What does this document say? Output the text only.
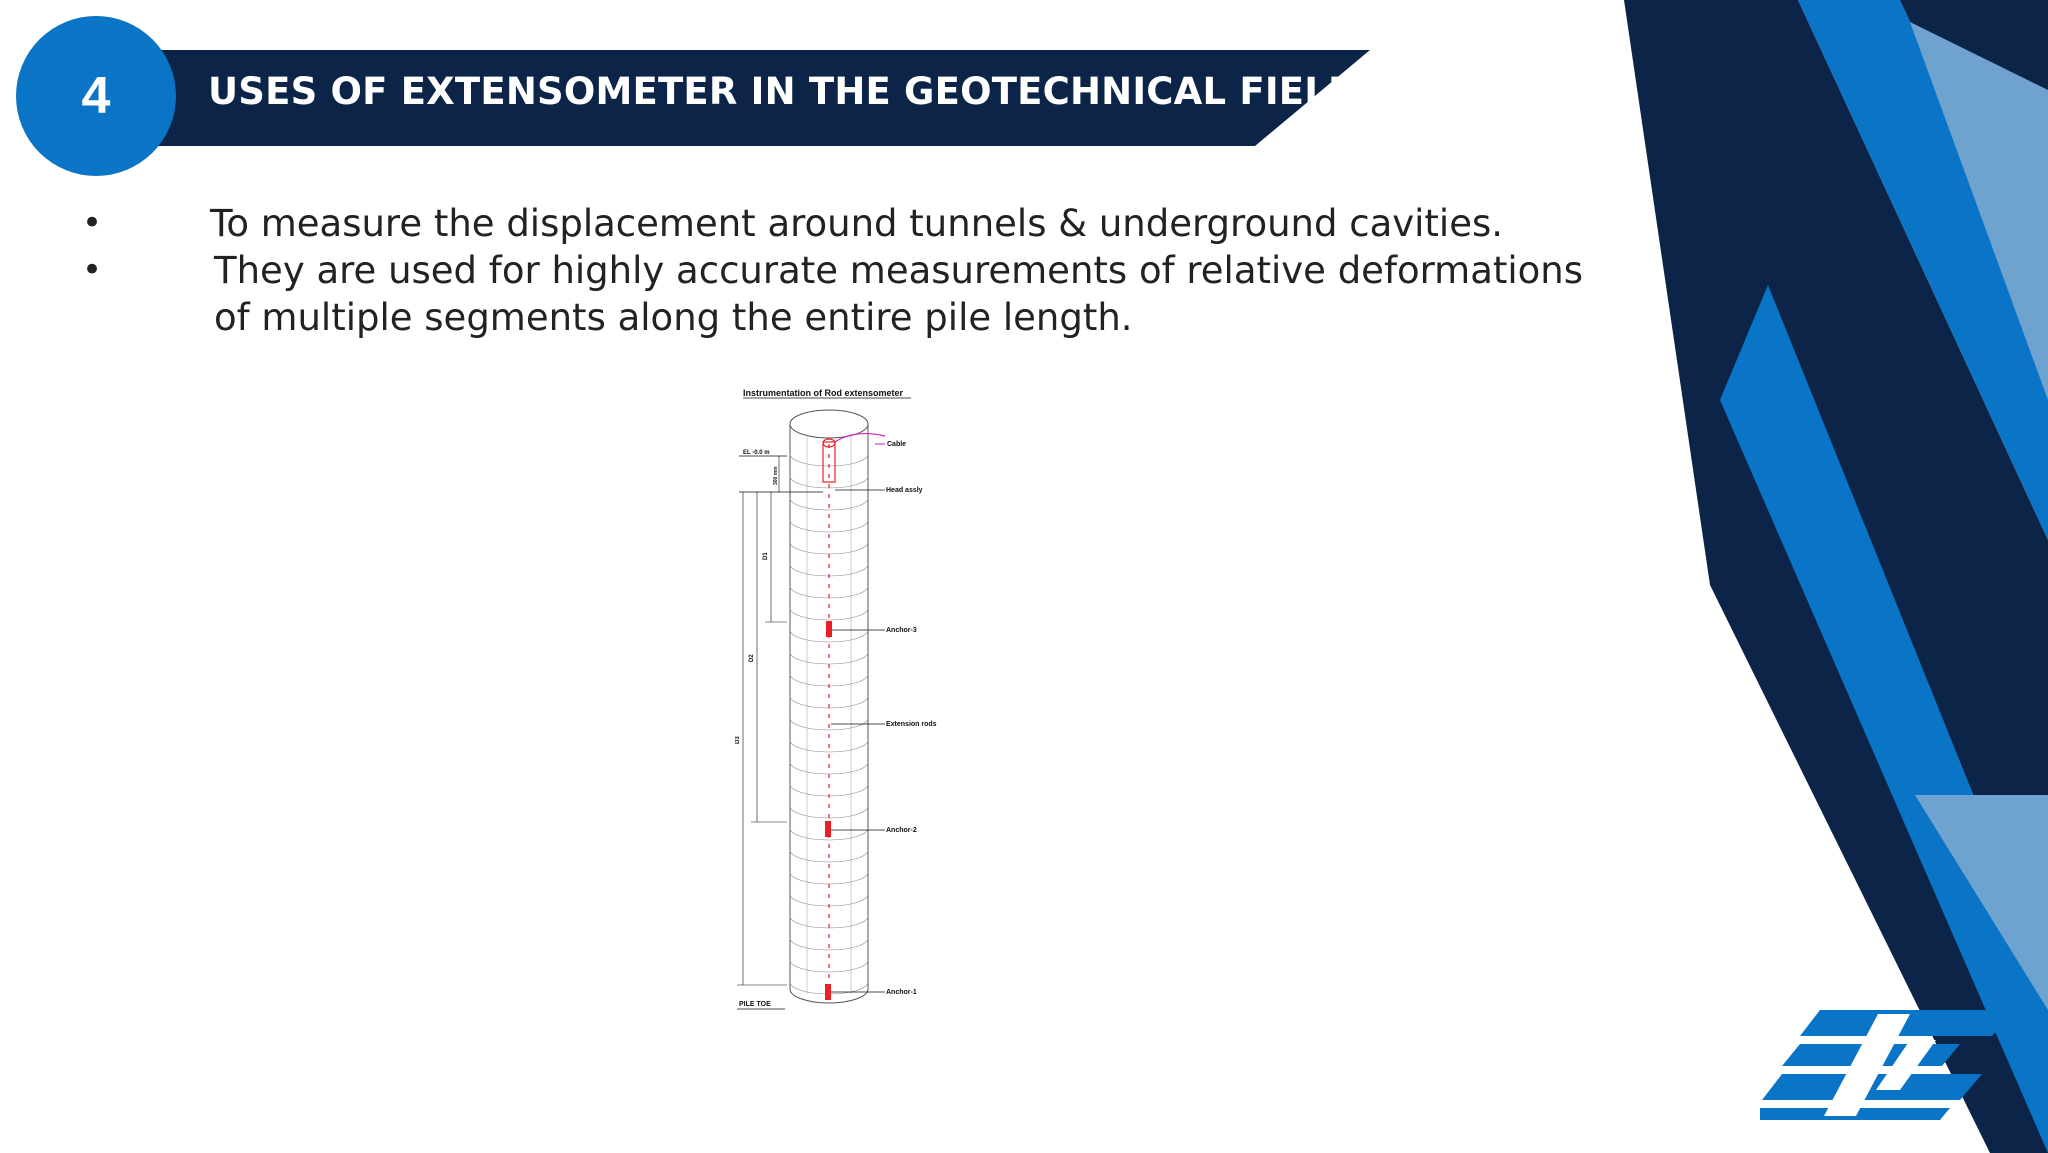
4	USES OF EXTENSOMETER IN THE GEOTECHNICAL FIELD
•	To measure the displacement around tunnels & underground cavities.
•	They are used for highly accurate measurements of relative deformations of multiple segments along the entire pile length.
Instrumentation of Rod extensometer
Cable
Head assly
Anchor-3
Extension rods
Anchor-2
Anchor-1
EL -0.0 m
300 mm
D1
D2
D3
PILE TOE
